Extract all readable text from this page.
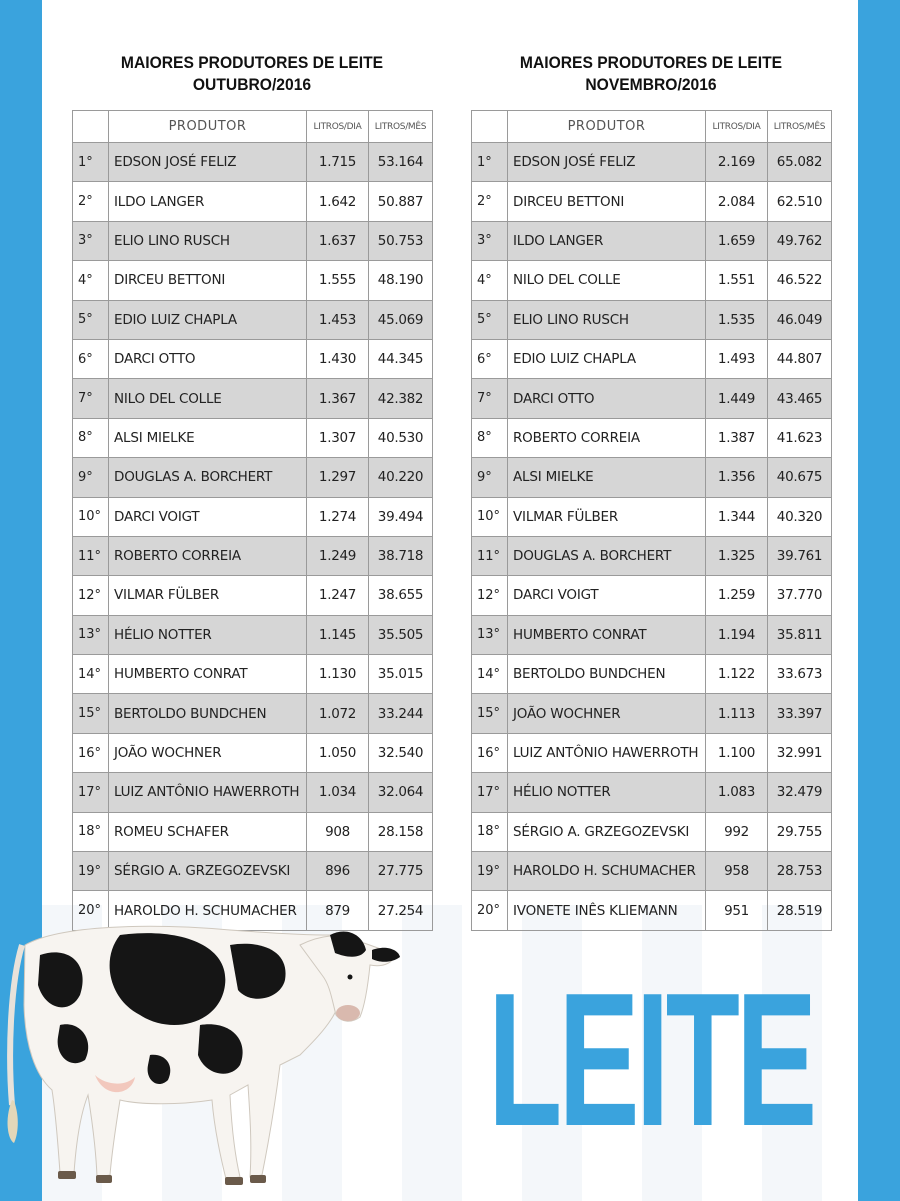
MAIORES PRODUTORES DE LEITE
OUTUBRO/2016
	PRODUTOR	LITROS/DIA	LITROS/MÊS
1°	EDSON JOSÉ FELIZ	1.715	53.164
2°	ILDO LANGER	1.642	50.887
3°	ELIO LINO RUSCH	1.637	50.753
4°	DIRCEU BETTONI	1.555	48.190
5°	EDIO LUIZ CHAPLA	1.453	45.069
6°	DARCI OTTO	1.430	44.345
7°	NILO DEL COLLE	1.367	42.382
8°	ALSI MIELKE	1.307	40.530
9°	DOUGLAS A. BORCHERT	1.297	40.220
10°	DARCI VOIGT	1.274	39.494
11°	ROBERTO CORREIA	1.249	38.718
12°	VILMAR FÜLBER	1.247	38.655
13°	HÉLIO NOTTER	1.145	35.505
14°	HUMBERTO CONRAT	1.130	35.015
15°	BERTOLDO BUNDCHEN	1.072	33.244
16°	JOÃO WOCHNER	1.050	32.540
17°	LUIZ ANTÔNIO HAWERROTH	1.034	32.064
18°	ROMEU SCHAFER	908	28.158
19°	SÉRGIO A. GRZEGOZEVSKI	896	27.775
20°	HAROLDO H. SCHUMACHER	879	27.254
MAIORES PRODUTORES DE LEITE
NOVEMBRO/2016
	PRODUTOR	LITROS/DIA	LITROS/MÊS
1°	EDSON JOSÉ FELIZ	2.169	65.082
2°	DIRCEU BETTONI	2.084	62.510
3°	ILDO LANGER	1.659	49.762
4°	NILO DEL COLLE	1.551	46.522
5°	ELIO LINO RUSCH	1.535	46.049
6°	EDIO LUIZ CHAPLA	1.493	44.807
7°	DARCI OTTO	1.449	43.465
8°	ROBERTO CORREIA	1.387	41.623
9°	ALSI MIELKE	1.356	40.675
10°	VILMAR FÜLBER	1.344	40.320
11°	DOUGLAS A. BORCHERT	1.325	39.761
12°	DARCI VOIGT	1.259	37.770
13°	HUMBERTO CONRAT	1.194	35.811
14°	BERTOLDO BUNDCHEN	1.122	33.673
15°	JOÃO WOCHNER	1.113	33.397
16°	LUIZ ANTÔNIO HAWERROTH	1.100	32.991
17°	HÉLIO NOTTER	1.083	32.479
18°	SÉRGIO A. GRZEGOZEVSKI	992	29.755
19°	HAROLDO H. SCHUMACHER	958	28.753
20°	IVONETE INÊS KLIEMANN	951	28.519
LEITE
